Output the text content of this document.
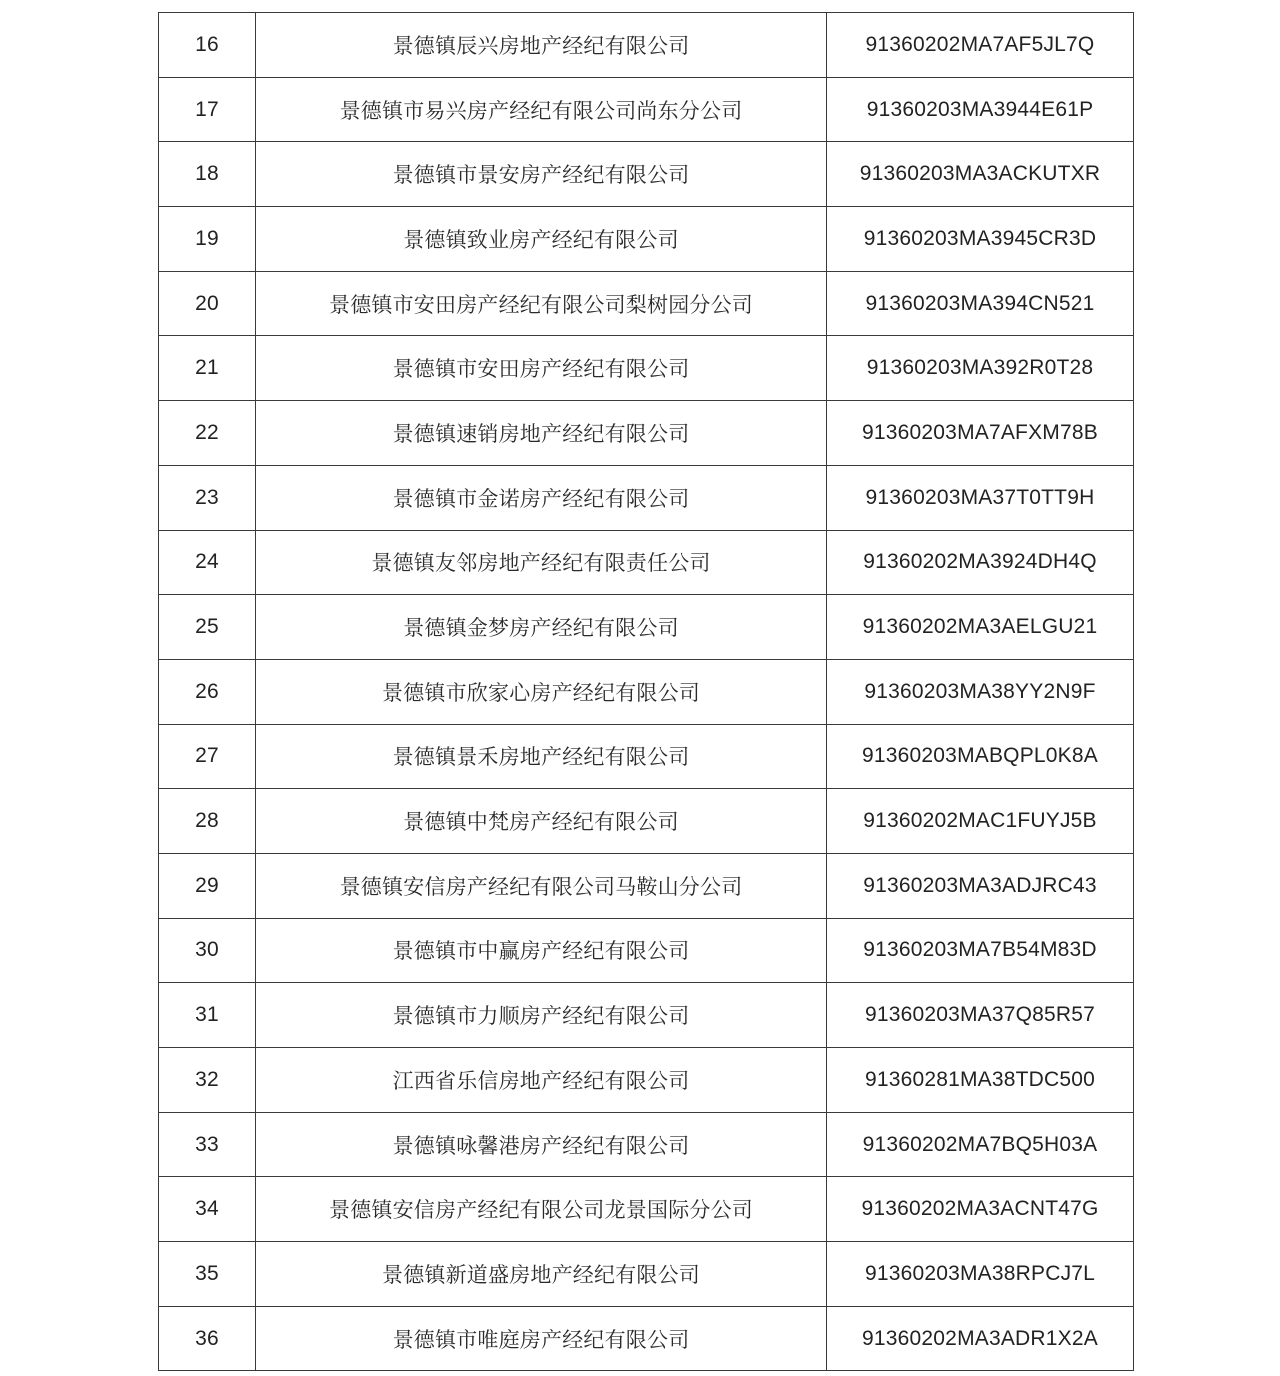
16	景德镇辰兴房地产经纪有限公司	91360202MA7AF5JL7Q
17	景德镇市易兴房产经纪有限公司尚东分公司	91360203MA3944E61P
18	景德镇市景安房产经纪有限公司	91360203MA3ACKUTXR
19	景德镇致业房产经纪有限公司	91360203MA3945CR3D
20	景德镇市安田房产经纪有限公司梨树园分公司	91360203MA394CN521
21	景德镇市安田房产经纪有限公司	91360203MA392R0T28
22	景德镇速销房地产经纪有限公司	91360203MA7AFXM78B
23	景德镇市金诺房产经纪有限公司	91360203MA37T0TT9H
24	景德镇友邻房地产经纪有限责任公司	91360202MA3924DH4Q
25	景德镇金梦房产经纪有限公司	91360202MA3AELGU21
26	景德镇市欣家心房产经纪有限公司	91360203MA38YY2N9F
27	景德镇景禾房地产经纪有限公司	91360203MABQPL0K8A
28	景德镇中梵房产经纪有限公司	91360202MAC1FUYJ5B
29	景德镇安信房产经纪有限公司马鞍山分公司	91360203MA3ADJRC43
30	景德镇市中赢房产经纪有限公司	91360203MA7B54M83D
31	景德镇市力顺房产经纪有限公司	91360203MA37Q85R57
32	江西省乐信房地产经纪有限公司	91360281MA38TDC500
33	景德镇咏馨港房产经纪有限公司	91360202MA7BQ5H03A
34	景德镇安信房产经纪有限公司龙景国际分公司	91360202MA3ACNT47G
35	景德镇新道盛房地产经纪有限公司	91360203MA38RPCJ7L
36	景德镇市唯庭房产经纪有限公司	91360202MA3ADR1X2A
